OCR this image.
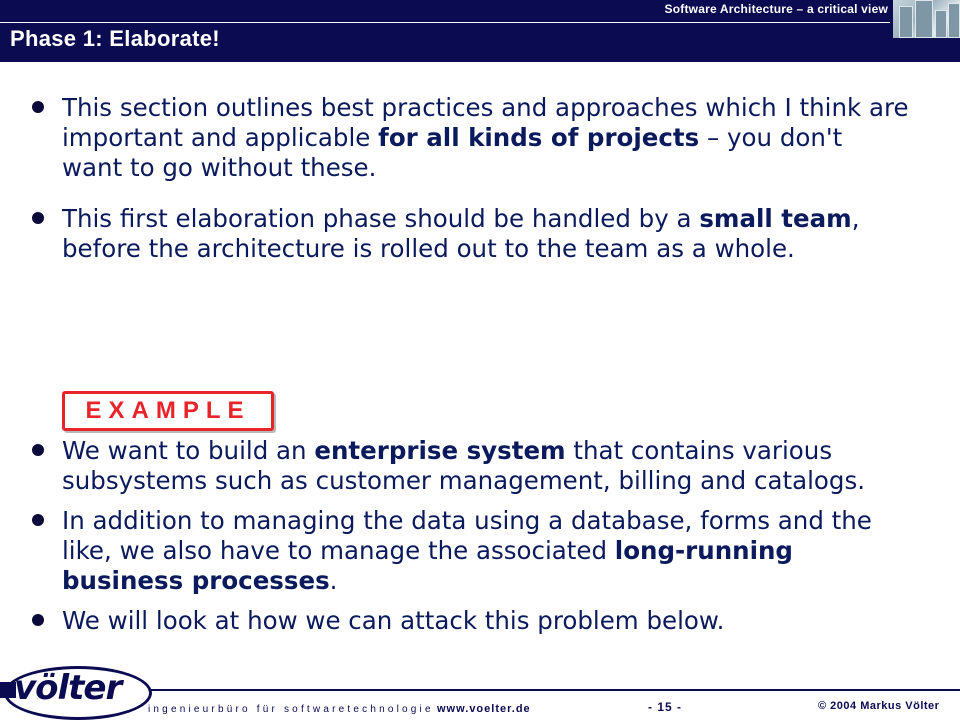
Software Architecture – a critical view
Phase 1: Elaborate!
This section outlines best practices and approaches which I think are important and applicable for all kinds of projects – you don't want to go without these.
This first elaboration phase should be handled by a small team, before the architecture is rolled out to the team as a whole.
EXAMPLE
We want to build an enterprise system that contains various subsystems such as customer management, billing and catalogs.
In addition to managing the data using a database, forms and the like, we also have to manage the associated long-running business processes.
We will look at how we can attack this problem below.
völter
ingenieurbüro für softwaretechnologie www.voelter.de	- 15 -	© 2004 Markus Völter
